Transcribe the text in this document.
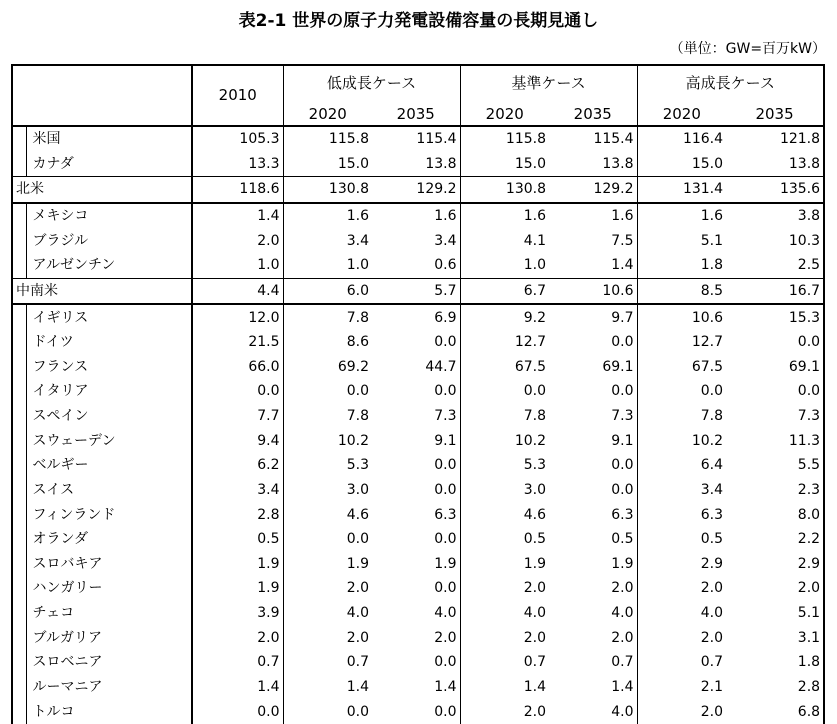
表2-1 世界の原子力発電設備容量の長期見通し
（単位：GW=百万kW）
		2010	低成長ケース		基準ケース		高成長ケース	
			2020	2035	2020	2035	2020	2035
	米国	105.3	115.8	115.4	115.8	115.4	116.4	121.8
	カナダ	13.3	15.0	13.8	15.0	13.8	15.0	13.8
北米		118.6	130.8	129.2	130.8	129.2	131.4	135.6
	メキシコ	1.4	1.6	1.6	1.6	1.6	1.6	3.8
	ブラジル	2.0	3.4	3.4	4.1	7.5	5.1	10.3
	アルゼンチン	1.0	1.0	0.6	1.0	1.4	1.8	2.5
中南米		4.4	6.0	5.7	6.7	10.6	8.5	16.7
	イギリス	12.0	7.8	6.9	9.2	9.7	10.6	15.3
	ドイツ	21.5	8.6	0.0	12.7	0.0	12.7	0.0
	フランス	66.0	69.2	44.7	67.5	69.1	67.5	69.1
	イタリア	0.0	0.0	0.0	0.0	0.0	0.0	0.0
	スペイン	7.7	7.8	7.3	7.8	7.3	7.8	7.3
	スウェーデン	9.4	10.2	9.1	10.2	9.1	10.2	11.3
	ベルギー	6.2	5.3	0.0	5.3	0.0	6.4	5.5
	スイス	3.4	3.0	0.0	3.0	0.0	3.4	2.3
	フィンランド	2.8	4.6	6.3	4.6	6.3	6.3	8.0
	オランダ	0.5	0.0	0.0	0.5	0.5	0.5	2.2
	スロバキア	1.9	1.9	1.9	1.9	1.9	2.9	2.9
	ハンガリー	1.9	2.0	0.0	2.0	2.0	2.0	2.0
	チェコ	3.9	4.0	4.0	4.0	4.0	4.0	5.1
	ブルガリア	2.0	2.0	2.0	2.0	2.0	2.0	3.1
	スロベニア	0.7	0.7	0.0	0.7	0.7	0.7	1.8
	ルーマニア	1.4	1.4	1.4	1.4	1.4	2.1	2.8
	トルコ	0.0	0.0	0.0	2.0	4.0	2.0	6.8
